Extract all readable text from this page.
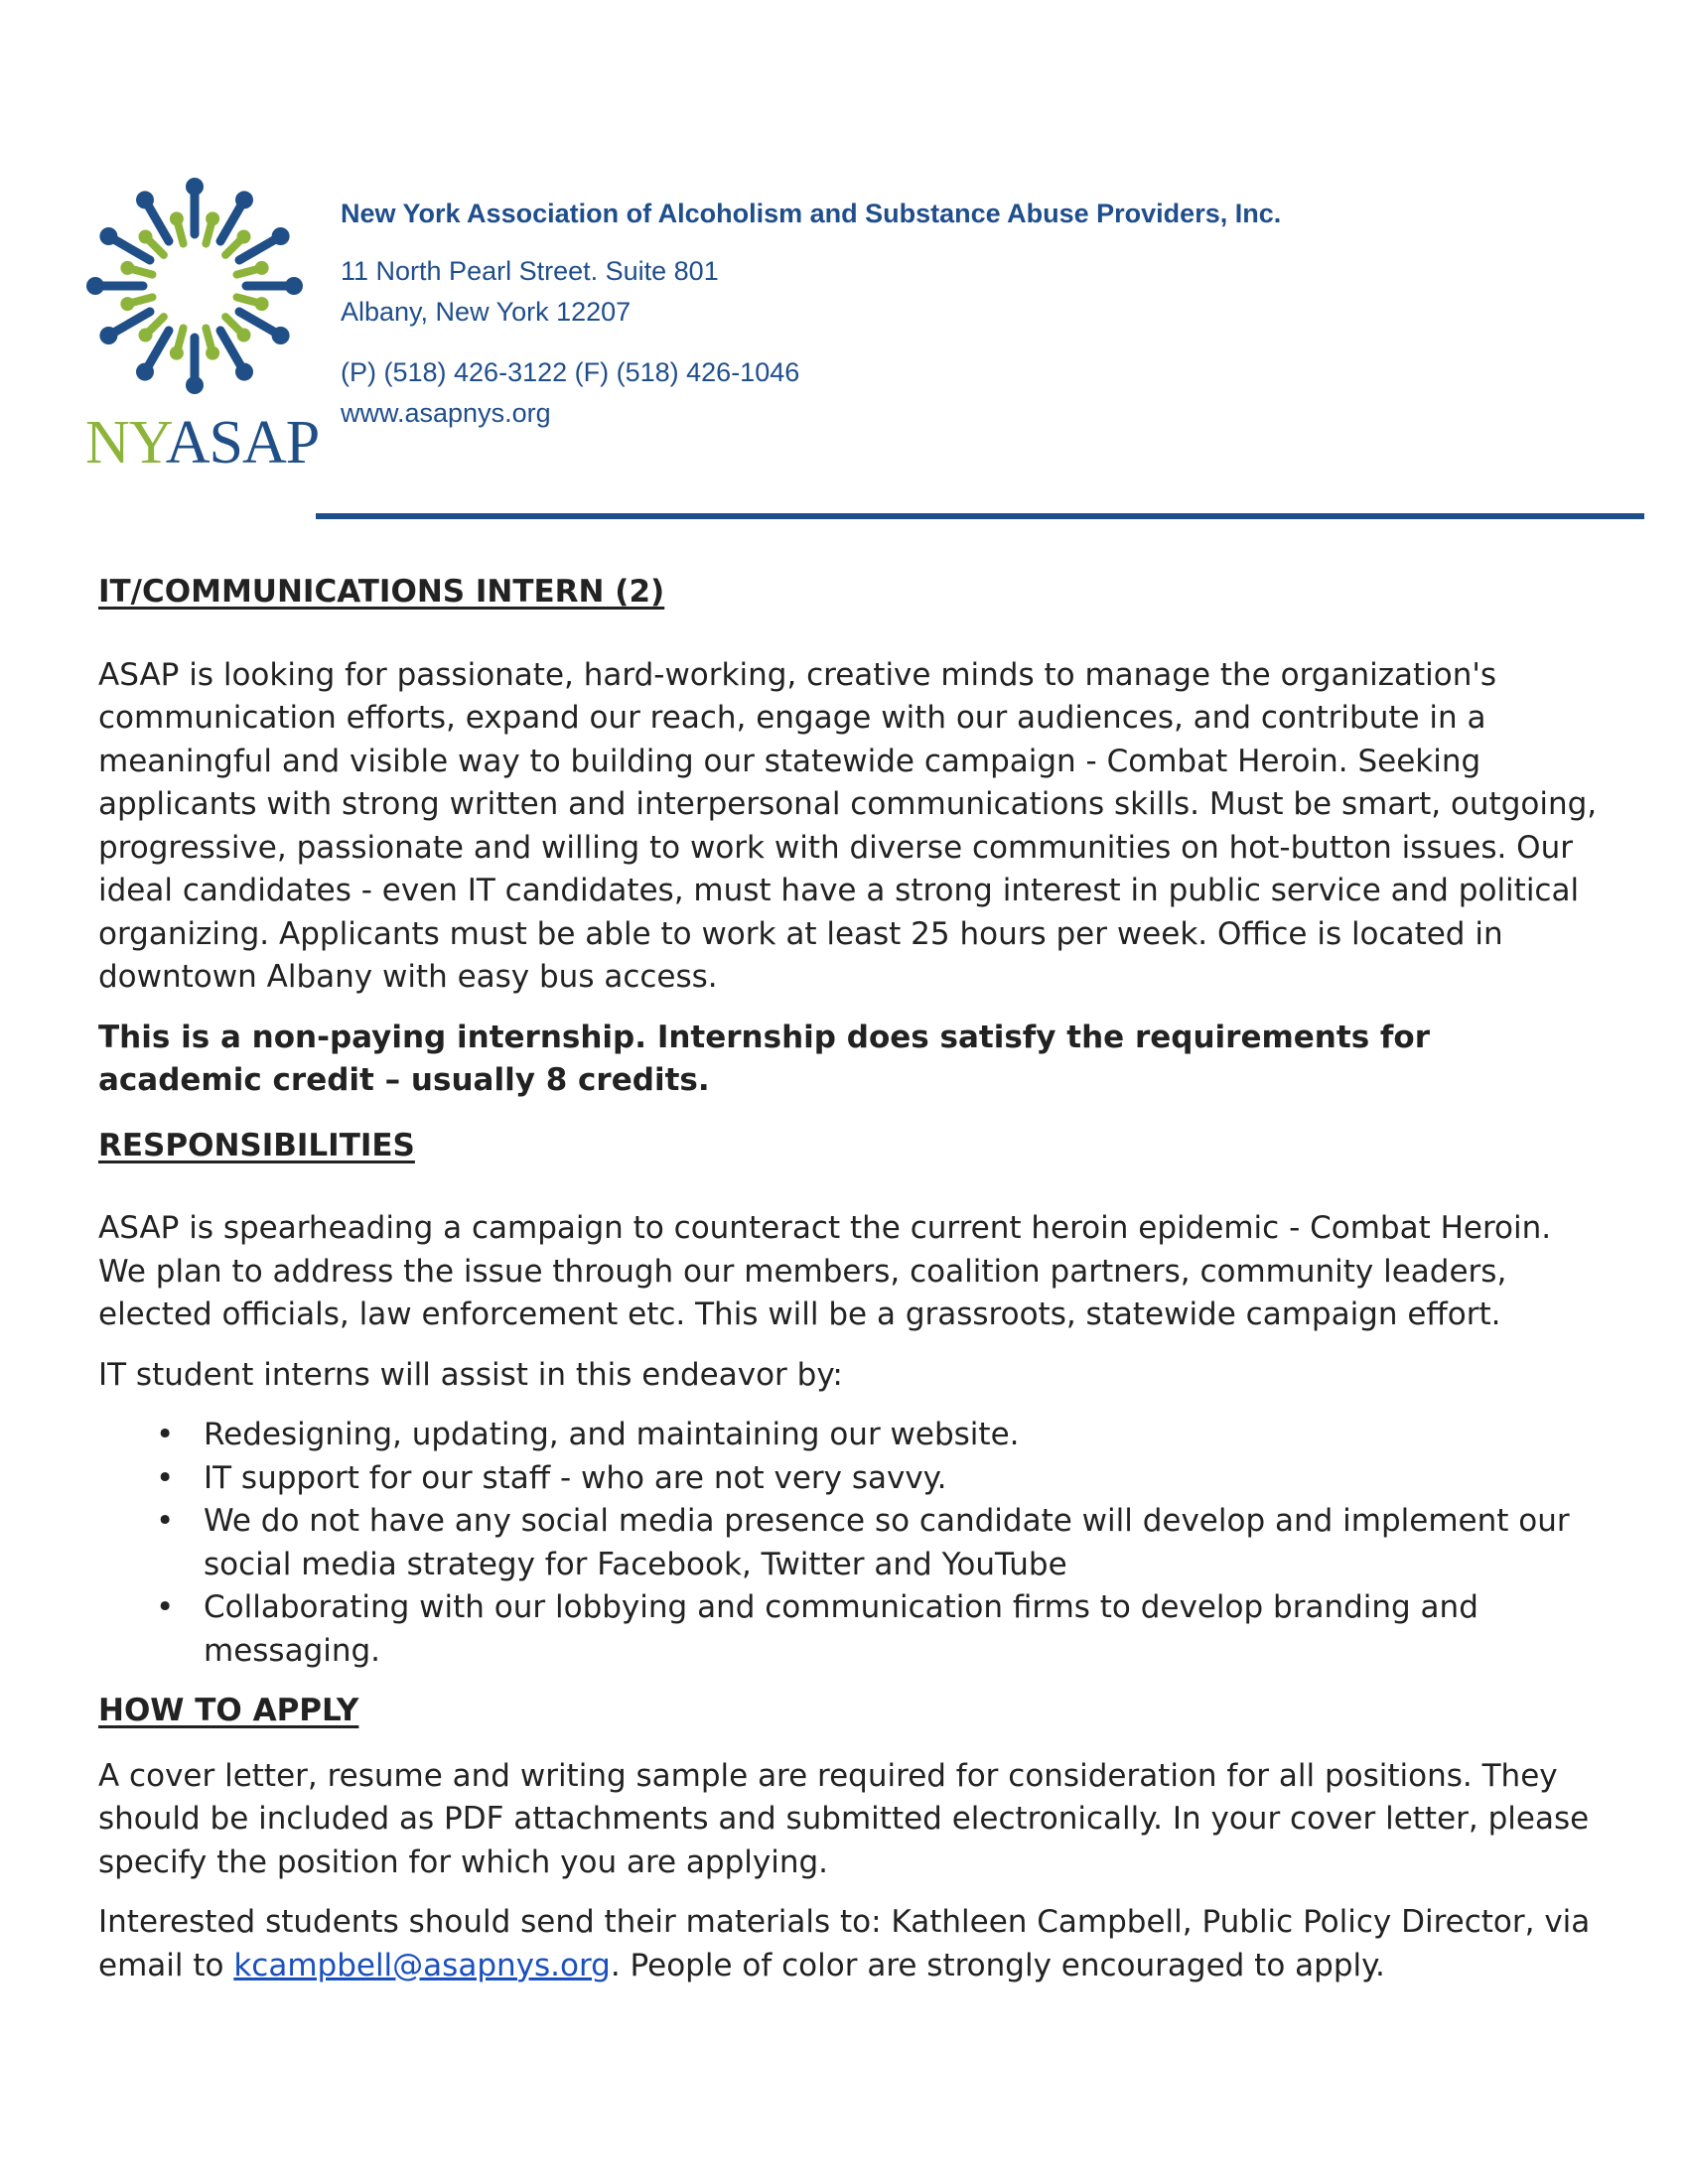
NYASAP
New York Association of Alcoholism and Substance Abuse Providers, Inc.
11 North Pearl Street. Suite 801
Albany, New York 12207
(P) (518) 426-3122 (F) (518) 426-1046
www.asapnys.org
IT/COMMUNICATIONS INTERN (2)

ASAP is looking for passionate, hard-working, creative minds to manage the organization's communication efforts, expand our reach, engage with our audiences, and contribute in a meaningful and visible way to building our statewide campaign - Combat Heroin. Seeking applicants with strong written and interpersonal communications skills. Must be smart, outgoing, progressive, passionate and willing to work with diverse communities on hot-button issues. Our ideal candidates - even IT candidates, must have a strong interest in public service and political organizing. Applicants must be able to work at least 25 hours per week. Office is located in downtown Albany with easy bus access.

This is a non-paying internship. Internship does satisfy the requirements for academic credit – usually 8 credits.

RESPONSIBILITIES

ASAP is spearheading a campaign to counteract the current heroin epidemic - Combat Heroin. We plan to address the issue through our members, coalition partners, community leaders, elected officials, law enforcement etc. This will be a grassroots, statewide campaign effort.

IT student interns will assist in this endeavor by:

• Redesigning, updating, and maintaining our website.
• IT support for our staff - who are not very savvy.
• We do not have any social media presence so candidate will develop and implement our social media strategy for Facebook, Twitter and YouTube
• Collaborating with our lobbying and communication firms to develop branding and messaging.
HOW TO APPLY

A cover letter, resume and writing sample are required for consideration for all positions. They should be included as PDF attachments and submitted electronically. In your cover letter, please specify the position for which you are applying.

Interested students should send their materials to: Kathleen Campbell, Public Policy Director, via email to kcampbell@asapnys.org. People of color are strongly encouraged to apply.
